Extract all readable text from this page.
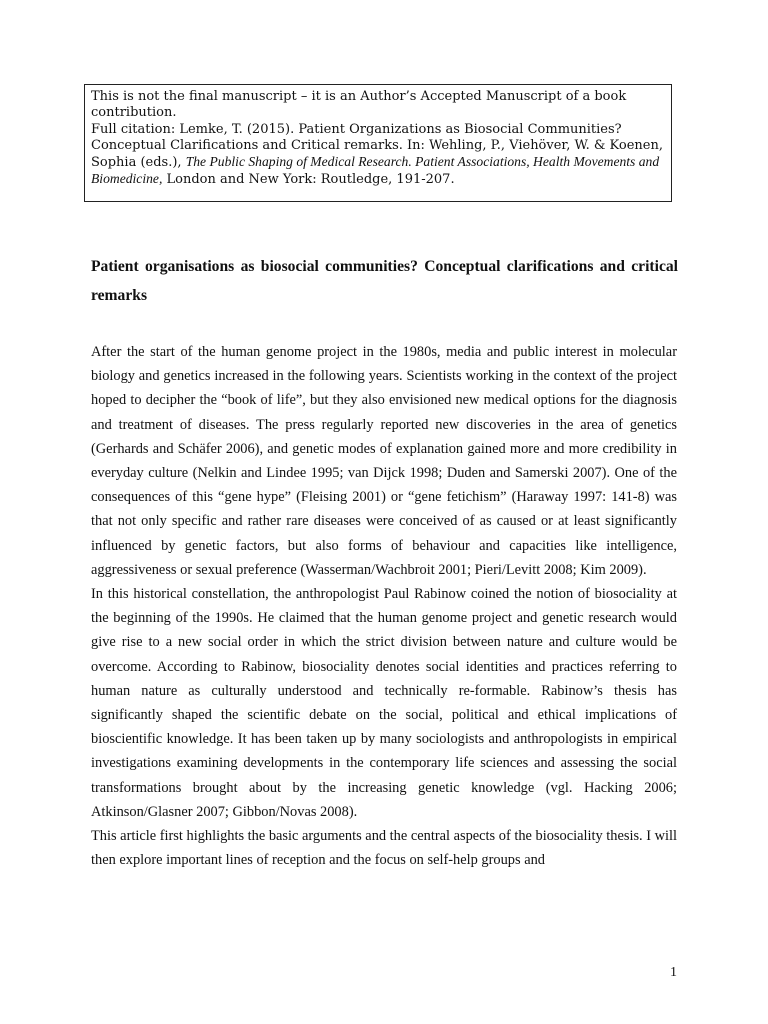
This is not the final manuscript – it is an Author’s Accepted Manuscript of a book contribution.

Full citation: Lemke, T. (2015). Patient Organizations as Biosocial Communities? Conceptual Clarifications and Critical remarks. In: Wehling, P., Viehöver, W. & Koenen, Sophia (eds.), The Public Shaping of Medical Research. Patient Associations, Health Movements and Biomedicine, London and New York: Routledge, 191-207.

Patient organisations as biosocial communities? Conceptual clarifications and critical remarks

After the start of the human genome project in the 1980s, media and public interest in molecular biology and genetics increased in the following years. Scientists working in the context of the project hoped to decipher the “book of life”, but they also envisioned new medical options for the diagnosis and treatment of diseases. The press regularly reported new discoveries in the area of genetics (Gerhards and Schäfer 2006), and genetic modes of explanation gained more and more credibility in everyday culture (Nelkin and Lindee 1995; van Dijck 1998; Duden and Samerski 2007). One of the consequences of this “gene hype” (Fleising 2001) or “gene fetichism” (Haraway 1997: 141-8) was that not only specific and rather rare diseases were conceived of as caused or at least significantly influenced by genetic factors, but also forms of behaviour and capacities like intelligence, aggressiveness or sexual preference (Wasserman/Wachbroit 2001; Pieri/Levitt 2008; Kim 2009).

In this historical constellation, the anthropologist Paul Rabinow coined the notion of biosociality at the beginning of the 1990s. He claimed that the human genome project and genetic research would give rise to a new social order in which the strict division between nature and culture would be overcome. According to Rabinow, biosociality denotes social identities and practices referring to human nature as culturally understood and technically re-formable. Rabinow’s thesis has significantly shaped the scientific debate on the social, political and ethical implications of bioscientific knowledge. It has been taken up by many sociologists and anthropologists in empirical investigations examining developments in the contemporary life sciences and assessing the social transformations brought about by the increasing genetic knowledge (vgl. Hacking 2006; Atkinson/Glasner 2007; Gibbon/Novas 2008).

This article first highlights the basic arguments and the central aspects of the biosociality thesis. I will then explore important lines of reception and the focus on self-help groups and

1
